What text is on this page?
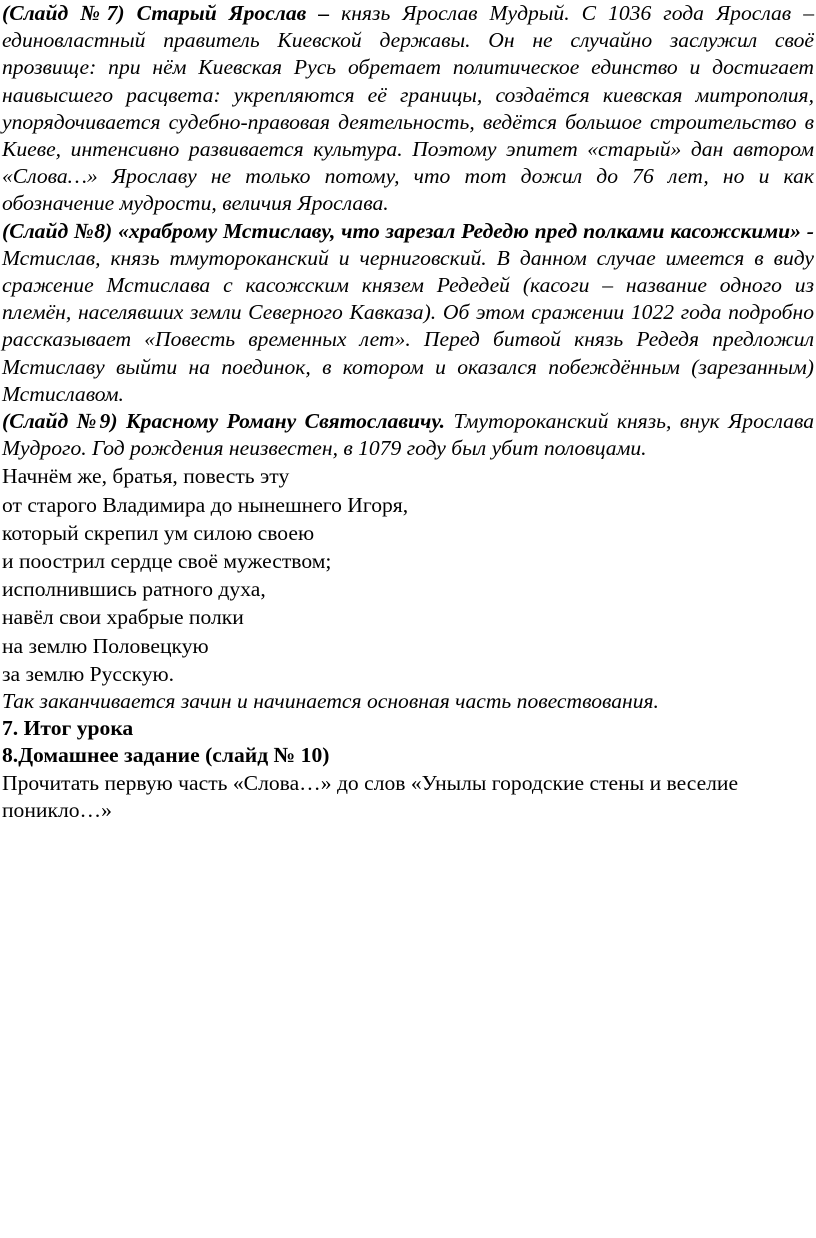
(Слайд №7) Старый Ярослав – князь Ярослав Мудрый. С 1036 года Ярослав – единовластный правитель Киевской державы. Он не случайно заслужил своё прозвище: при нём Киевская Русь обретает политическое единство и достигает наивысшего расцвета: укрепляются её границы, создаётся киевская митрополия, упорядочивается судебно-правовая деятельность, ведётся большое строительство в Киеве, интенсивно развивается культура. Поэтому эпитет «старый» дан автором «Слова…» Ярославу не только потому, что тот дожил до 76 лет, но и как обозначение мудрости, величия Ярослава.

(Слайд №8) «храброму Мстиславу, что зарезал Редедю пред полками касожскими» - Мстислав, князь тмутороканский и черниговский. В данном случае имеется в виду сражение Мстислава с касожским князем Редедей (касоги – название одного из племён, населявших земли Северного Кавказа). Об этом сражении 1022 года подробно рассказывает «Повесть временных лет». Перед битвой князь Редедя предложил Мстиславу выйти на поединок, в котором и оказался побеждённым (зарезанным) Мстиславом.

(Слайд №9) Красному Роману Святославичу. Тмутороканский князь, внук Ярослава Мудрого. Год рождения неизвестен, в 1079 году был убит половцами.

Начнём же, братья, повесть эту

от старого Владимира до нынешнего Игоря,

который скрепил ум силою своею

и поострил сердце своё мужеством;

исполнившись ратного духа,

навёл свои храбрые полки

на землю Половецкую

за землю Русскую.

Так заканчивается зачин и начинается основная часть повествования.

7. Итог урока

8.Домашнее задание (слайд № 10)

Прочитать первую часть «Слова…» до слов «Унылы городские стены и веселие поникло…»
